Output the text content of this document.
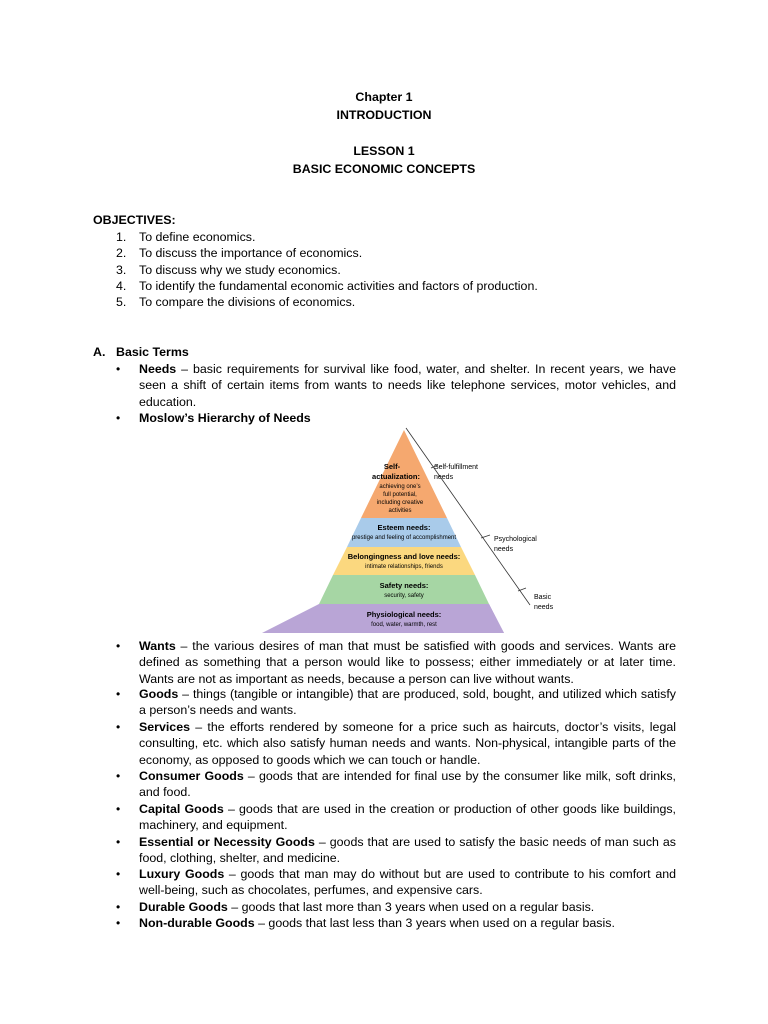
Chapter 1
INTRODUCTION
LESSON 1
BASIC ECONOMIC CONCEPTS
OBJECTIVES:
1.	To define economics.
2.	To discuss the importance of economics.
3.	To discuss why we study economics.
4.	To identify the fundamental economic activities and factors of production.
5.	To compare the divisions of economics.
A. Basic Terms
•	Needs – basic requirements for survival like food, water, and shelter. In recent years, we have seen a shift of certain items from wants to needs like telephone services, motor vehicles, and education.
•	Moslow’s Hierarchy of Needs
Self-
actualization:
achieving one’s
full potential,
including creative
activities
Esteem needs:
prestige and feeling of accomplishment
Belongingness and love needs:
intimate relationships, friends
Safety needs:
security, safety
Physiological needs:
food, water, warmth, rest
Self-fulfillment
needs
Psychological
needs
Basic
needs
•	Wants – the various desires of man that must be satisfied with goods and services. Wants are defined as something that a person would like to possess; either immediately or at later time. Wants are not as important as needs, because a person can live without wants.
•	Goods – things (tangible or intangible) that are produced, sold, bought, and utilized which satisfy a person’s needs and wants.
•	Services – the efforts rendered by someone for a price such as haircuts, doctor’s visits, legal consulting, etc. which also satisfy human needs and wants. Non-physical, intangible parts of the economy, as opposed to goods which we can touch or handle.
•	Consumer Goods – goods that are intended for final use by the consumer like milk, soft drinks, and food.
•	Capital Goods – goods that are used in the creation or production of other goods like buildings, machinery, and equipment.
•	Essential or Necessity Goods – goods that are used to satisfy the basic needs of man such as food, clothing, shelter, and medicine.
•	Luxury Goods – goods that man may do without but are used to contribute to his comfort and well-being, such as chocolates, perfumes, and expensive cars.
•	Durable Goods – goods that last more than 3 years when used on a regular basis.
•	Non-durable Goods – goods that last less than 3 years when used on a regular basis.
